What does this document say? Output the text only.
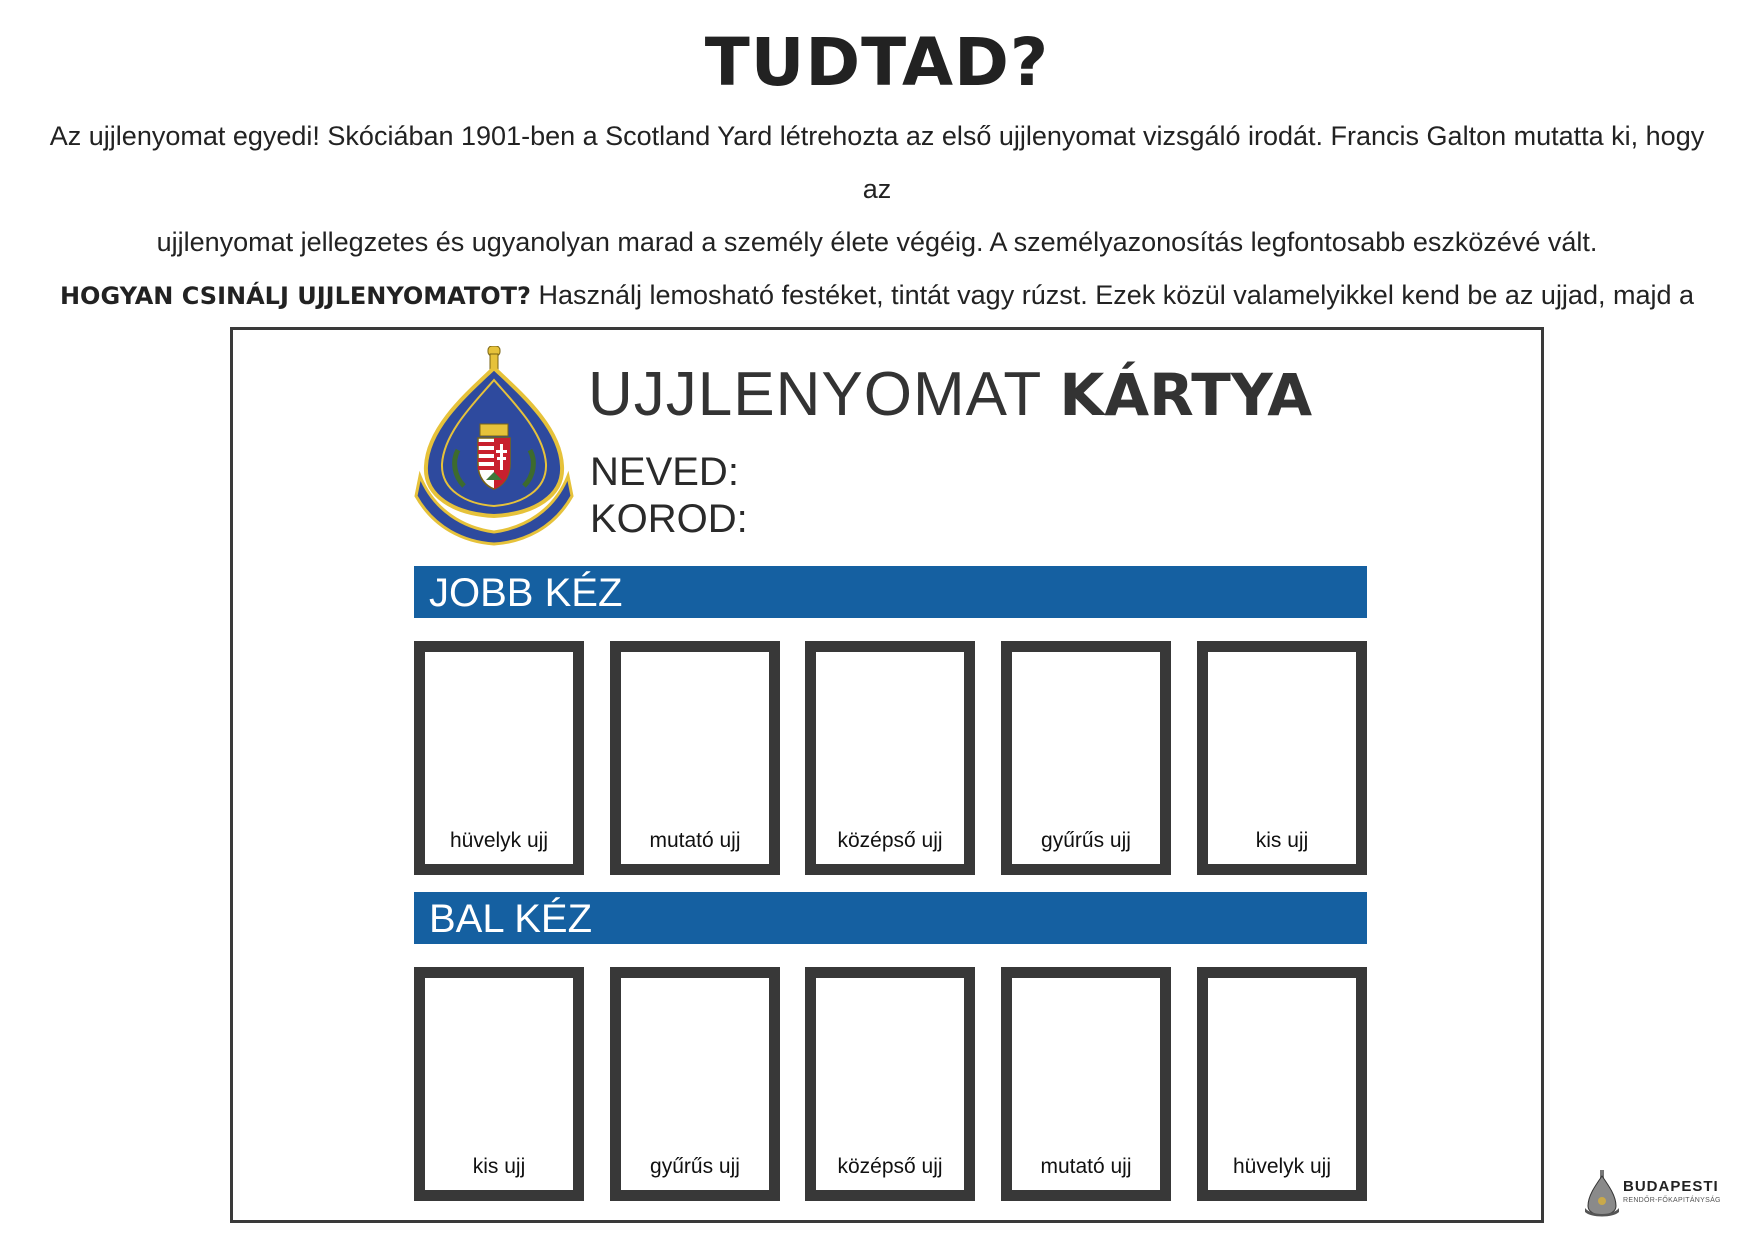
TUDTAD?
Az ujjlenyomat egyedi! Skóciában 1901-ben a Scotland Yard létrehozta az első ujjlenyomat vizsgáló irodát. Francis Galton mutatta ki, hogy az
ujjlenyomat jellegzetes és ugyanolyan marad a személy élete végéig. A személyazonosítás legfontosabb eszközévé vált.
HOGYAN CSINÁLJ UJJLENYOMATOT? Használj lemosható festéket, tintát vagy rúzst. Ezek közül valamelyikkel kend be az ujjad, majd a
UJJLENYOMAT KÁRTYA
NEVED:
KOROD:
JOBB KÉZ
hüvelyk ujj	mutató ujj	középső ujj	gyűrűs ujj	kis ujj
BAL KÉZ
kis ujj	gyűrűs ujj	középső ujj	mutató ujj	hüvelyk ujj
BUDAPESTI
RENDŐR-FŐKAPITÁNYSÁG
